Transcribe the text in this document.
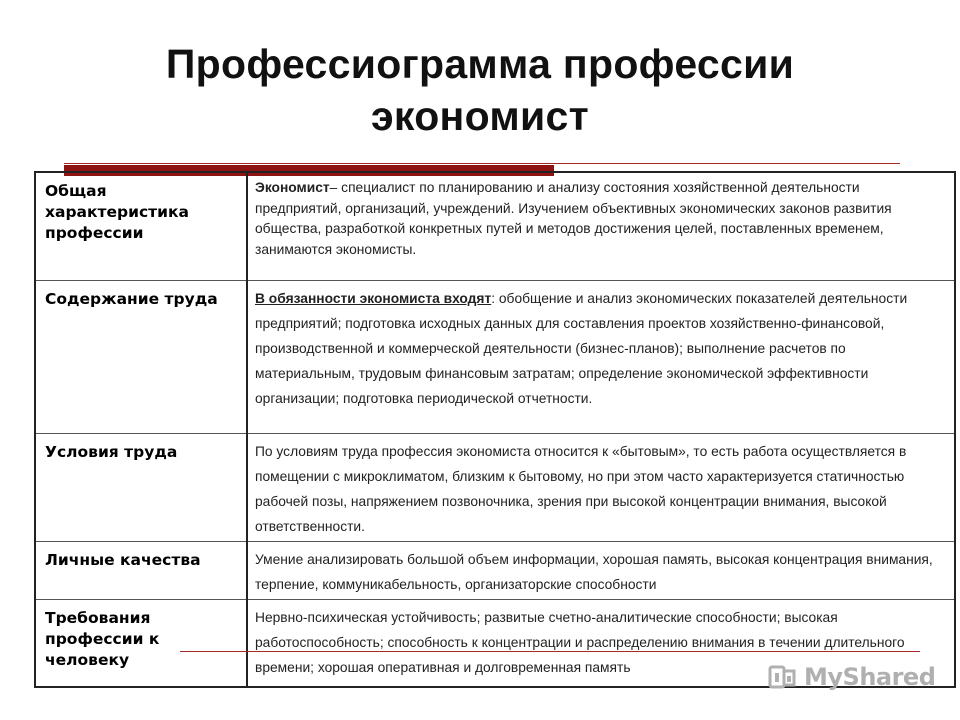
Профессиограмма профессии
экономист
Общая характеристика профессии	Экономист– специалист по планированию и анализу состояния хозяйственной деятельности предприятий, организаций, учреждений. Изучением объективных экономических законов развития общества, разработкой конкретных путей и методов достижения целей, поставленных временем, занимаются экономисты.
Содержание труда	В обязанности экономиста входят: обобщение и анализ экономических показателей деятельности предприятий; подготовка исходных данных для составления проектов хозяйственно-финансовой, производственной и коммерческой деятельности (бизнес-планов); выполнение расчетов по материальным, трудовым финансовым затратам; определение экономической эффективности организации; подготовка периодической отчетности.
Условия труда	По условиям труда профессия экономиста относится к «бытовым», то есть работа осуществляется в помещении с микроклиматом, близким к бытовому, но при этом часто характеризуется статичностью рабочей позы, напряжением позвоночника, зрения при высокой концентрации внимания, высокой ответственности.
Личные качества	Умение анализировать большой объем информации, хорошая память, высокая концентрация внимания, терпение, коммуникабельность, организаторские способности
Требования профессии к человеку	Нервно-психическая устойчивость; развитые счетно-аналитические способности; высокая работоспособность; способность к концентрации и распределению внимания в течении длительного времени; хорошая оперативная и долговременная память	MyShared
